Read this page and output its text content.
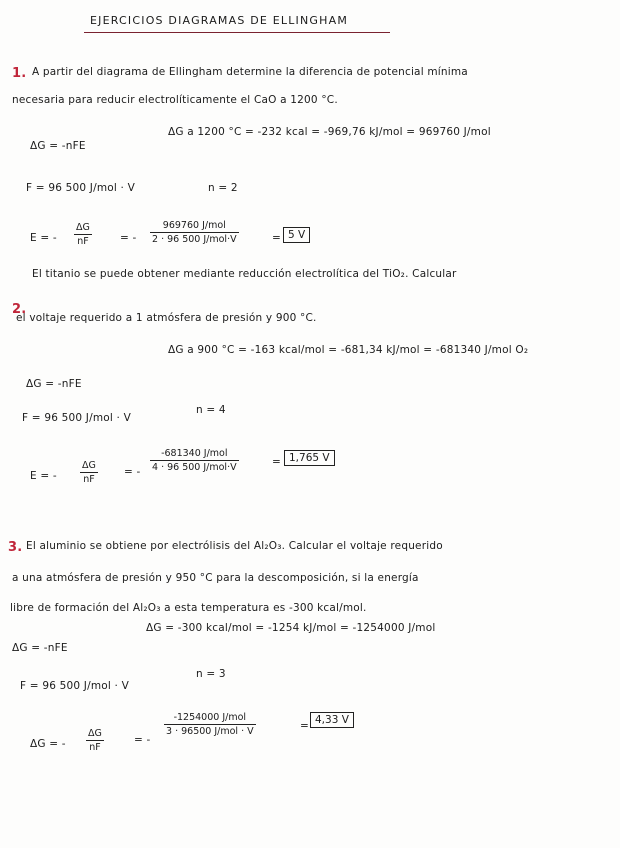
EJERCICIOS DIAGRAMAS DE ELLINGHAM
1. A partir del diagrama de Ellingham determine la diferencia de potencial mínima
necesaria para reducir electrolíticamente el CaO a 1200 °C.
ΔG = -nFE
ΔG a 1200 °C = -232 kcal = -969,76 kJ/mol = 969760 J/mol
F = 96 500 J/mol · V	n = 2
E = - $\frac{\Delta G}{nF}$	= -
969760 J/mol
2 · 96 500 J/mol·V	= 5 V
2.
El titanio se puede obtener mediante reducción electrolítica del TiO₂. Calcular
el voltaje requerido a 1 atmósfera de presión y 900 °C.
ΔG = -nFE
ΔG a 900 °C = -163 kcal/mol = -681,34 kJ/mol = -681340 J/mol O₂
F = 96 500 J/mol · V
n = 4
E = - $\frac{\Delta G}{nF}$ = -
-681340 J/mol
4 · 96 500 J/mol·V	= 1,765 V
3. El aluminio se obtiene por electrólisis del Al₂O₃. Calcular el voltaje requerido
a una atmósfera de presión y 950 °C para la descomposición, si la energía
libre de formación del Al₂O₃ a esta temperatura es -300 kcal/mol.
ΔG = -nFE
ΔG = -300 kcal/mol = -1254 kJ/mol = -1254000 J/mol
F = 96 500 J/mol · V
n = 3
ΔG = - $\frac{\Delta G}{nF}$	= -
-1254000 J/mol
3 · 96500 J/mol · V	= 4,33 V
